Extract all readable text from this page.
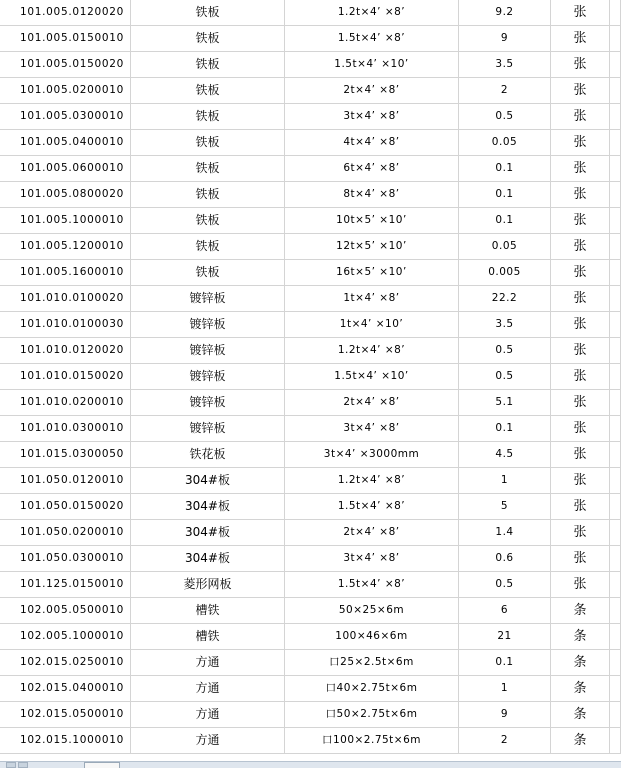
101.005.0120020	铁板	1.2t×4’ ×8’	9.2	张
101.005.0150010	铁板	1.5t×4’ ×8’	9	张
101.005.0150020	铁板	1.5t×4’ ×10’	3.5	张
101.005.0200010	铁板	2t×4’ ×8’	2	张
101.005.0300010	铁板	3t×4’ ×8’	0.5	张
101.005.0400010	铁板	4t×4’ ×8’	0.05	张
101.005.0600010	铁板	6t×4’ ×8’	0.1	张
101.005.0800020	铁板	8t×4’ ×8’	0.1	张
101.005.1000010	铁板	10t×5’ ×10’	0.1	张
101.005.1200010	铁板	12t×5’ ×10’	0.05	张
101.005.1600010	铁板	16t×5’ ×10’	0.005	张
101.010.0100020	镀锌板	1t×4’ ×8’	22.2	张
101.010.0100030	镀锌板	1t×4’ ×10’	3.5	张
101.010.0120020	镀锌板	1.2t×4’ ×8’	0.5	张
101.010.0150020	镀锌板	1.5t×4’ ×10’	0.5	张
101.010.0200010	镀锌板	2t×4’ ×8’	5.1	张
101.010.0300010	镀锌板	3t×4’ ×8’	0.1	张
101.015.0300050	铁花板	3t×4’ ×3000mm	4.5	张
101.050.0120010	304#板	1.2t×4’ ×8’	1	张
101.050.0150020	304#板	1.5t×4’ ×8’	5	张
101.050.0200010	304#板	2t×4’ ×8’	1.4	张
101.050.0300010	304#板	3t×4’ ×8’	0.6	张
101.125.0150010	菱形网板	1.5t×4’ ×8’	0.5	张
102.005.0500010	槽铁	50×25×6m	6	条
102.005.1000010	槽铁	100×46×6m	21	条
102.015.0250010	方通	口25×2.5t×6m	0.1	条
102.015.0400010	方通	口40×2.75t×6m	1	条
102.015.0500010	方通	口50×2.75t×6m	9	条
102.015.1000010	方通	口100×2.75t×6m	2	条
